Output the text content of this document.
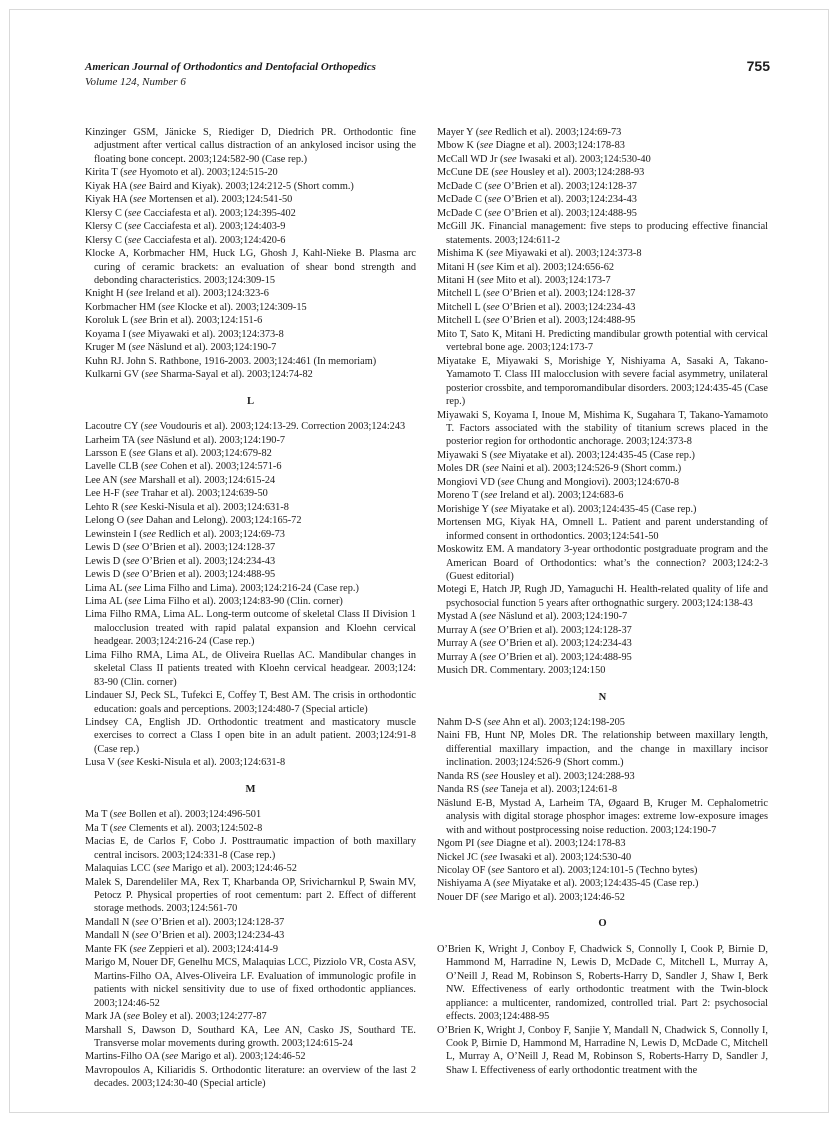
American Journal of Orthodontics and Dentofacial Orthopedics
Volume 124, Number 6
755
Kinzinger GSM, Jänicke S, Riediger D, Diedrich PR. Orthodontic fine adjustment after vertical callus distraction of an ankylosed incisor using the floating bone concept. 2003;124:582-90 (Case rep.)
Kirita T (see Hyomoto et al). 2003;124:515-20
Kiyak HA (see Baird and Kiyak). 2003;124:212-5 (Short comm.)
Kiyak HA (see Mortensen et al). 2003;124:541-50
Klersy C (see Cacciafesta et al). 2003;124:395-402
Klersy C (see Cacciafesta et al). 2003;124:403-9
Klersy C (see Cacciafesta et al). 2003;124:420-6
Klocke A, Korbmacher HM, Huck LG, Ghosh J, Kahl-Nieke B. Plasma arc curing of ceramic brackets: an evaluation of shear bond strength and debonding characteristics. 2003;124:309-15
Knight H (see Ireland et al). 2003;124:323-6
Korbmacher HM (see Klocke et al). 2003;124:309-15
Koroluk L (see Brin et al). 2003;124:151-6
Koyama I (see Miyawaki et al). 2003;124:373-8
Kruger M (see Näslund et al). 2003;124:190-7
Kuhn RJ. John S. Rathbone, 1916-2003. 2003;124:461 (In memoriam)
Kulkarni GV (see Sharma-Sayal et al). 2003;124:74-82
L
Lacoutre CY (see Voudouris et al). 2003;124:13-29. Correction 2003;124:243
Larheim TA (see Näslund et al). 2003;124:190-7
Larsson E (see Glans et al). 2003;124:679-82
Lavelle CLB (see Cohen et al). 2003;124:571-6
Lee AN (see Marshall et al). 2003;124:615-24
Lee H-F (see Trahar et al). 2003;124:639-50
Lehto R (see Keski-Nisula et al). 2003;124:631-8
Lelong O (see Dahan and Lelong). 2003;124:165-72
Lewinstein I (see Redlich et al). 2003;124:69-73
Lewis D (see O’Brien et al). 2003;124:128-37
Lewis D (see O’Brien et al). 2003;124:234-43
Lewis D (see O’Brien et al). 2003;124:488-95
Lima AL (see Lima Filho and Lima). 2003;124:216-24 (Case rep.)
Lima AL (see Lima Filho et al). 2003;124:83-90 (Clin. corner)
Lima Filho RMA, Lima AL. Long-term outcome of skeletal Class II Division 1 malocclusion treated with rapid palatal expansion and Kloehn cervical headgear. 2003;124:216-24 (Case rep.)
Lima Filho RMA, Lima AL, de Oliveira Ruellas AC. Mandibular changes in skeletal Class II patients treated with Kloehn cervical headgear. 2003;124: 83-90 (Clin. corner)
Lindauer SJ, Peck SL, Tufekci E, Coffey T, Best AM. The crisis in orthodontic education: goals and perceptions. 2003;124:480-7 (Special article)
Lindsey CA, English JD. Orthodontic treatment and masticatory muscle exercises to correct a Class I open bite in an adult patient. 2003;124:91-8 (Case rep.)
Lusa V (see Keski-Nisula et al). 2003;124:631-8
M
Ma T (see Bollen et al). 2003;124:496-501
Ma T (see Clements et al). 2003;124:502-8
Macias E, de Carlos F, Cobo J. Posttraumatic impaction of both maxillary central incisors. 2003;124:331-8 (Case rep.)
Malaquias LCC (see Marigo et al). 2003;124:46-52
Malek S, Darendeliler MA, Rex T, Kharbanda OP, Srivicharnkul P, Swain MV, Petocz P. Physical properties of root cementum: part 2. Effect of different storage methods. 2003;124:561-70
Mandall N (see O’Brien et al). 2003;124:128-37
Mandall N (see O’Brien et al). 2003;124:234-43
Mante FK (see Zeppieri et al). 2003;124:414-9
Marigo M, Nouer DF, Genelhu MCS, Malaquias LCC, Pizziolo VR, Costa ASV, Martins-Filho OA, Alves-Oliveira LF. Evaluation of immunologic profile in patients with nickel sensitivity due to use of fixed orthodontic appliances. 2003;124:46-52
Mark JA (see Boley et al). 2003;124:277-87
Marshall S, Dawson D, Southard KA, Lee AN, Casko JS, Southard TE. Transverse molar movements during growth. 2003;124:615-24
Martins-Filho OA (see Marigo et al). 2003;124:46-52
Mavropoulos A, Kiliaridis S. Orthodontic literature: an overview of the last 2 decades. 2003;124:30-40 (Special article)
Mayer Y (see Redlich et al). 2003;124:69-73
Mbow K (see Diagne et al). 2003;124:178-83
McCall WD Jr (see Iwasaki et al). 2003;124:530-40
McCune DE (see Housley et al). 2003;124:288-93
McDade C (see O’Brien et al). 2003;124:128-37
McDade C (see O’Brien et al). 2003;124:234-43
McDade C (see O’Brien et al). 2003;124:488-95
McGill JK. Financial management: five steps to producing effective financial statements. 2003;124:611-2
Mishima K (see Miyawaki et al). 2003;124:373-8
Mitani H (see Kim et al). 2003;124:656-62
Mitani H (see Mito et al). 2003;124:173-7
Mitchell L (see O’Brien et al). 2003;124:128-37
Mitchell L (see O’Brien et al). 2003;124:234-43
Mitchell L (see O’Brien et al). 2003;124:488-95
Mito T, Sato K, Mitani H. Predicting mandibular growth potential with cervical vertebral bone age. 2003;124:173-7
Miyatake E, Miyawaki S, Morishige Y, Nishiyama A, Sasaki A, Takano-Yamamoto T. Class III malocclusion with severe facial asymmetry, unilateral posterior crossbite, and temporomandibular disorders. 2003;124:435-45 (Case rep.)
Miyawaki S, Koyama I, Inoue M, Mishima K, Sugahara T, Takano-Yamamoto T. Factors associated with the stability of titanium screws placed in the posterior region for orthodontic anchorage. 2003;124:373-8
Miyawaki S (see Miyatake et al). 2003;124:435-45 (Case rep.)
Moles DR (see Naini et al). 2003;124:526-9 (Short comm.)
Mongiovi VD (see Chung and Mongiovi). 2003;124:670-8
Moreno T (see Ireland et al). 2003;124:683-6
Morishige Y (see Miyatake et al). 2003;124:435-45 (Case rep.)
Mortensen MG, Kiyak HA, Omnell L. Patient and parent understanding of informed consent in orthodontics. 2003;124:541-50
Moskowitz EM. A mandatory 3-year orthodontic postgraduate program and the American Board of Orthodontics: what’s the connection? 2003;124:2-3 (Guest editorial)
Motegi E, Hatch JP, Rugh JD, Yamaguchi H. Health-related quality of life and psychosocial function 5 years after orthognathic surgery. 2003;124:138-43
Mystad A (see Näslund et al). 2003;124:190-7
Murray A (see O’Brien et al). 2003;124:128-37
Murray A (see O’Brien et al). 2003;124:234-43
Murray A (see O’Brien et al). 2003;124:488-95
Musich DR. Commentary. 2003;124:150
N
Nahm D-S (see Ahn et al). 2003;124:198-205
Naini FB, Hunt NP, Moles DR. The relationship between maxillary length, differential maxillary impaction, and the change in maxillary incisor inclination. 2003;124:526-9 (Short comm.)
Nanda RS (see Housley et al). 2003;124:288-93
Nanda RS (see Taneja et al). 2003;124:61-8
Näslund E-B, Mystad A, Larheim TA, Øgaard B, Kruger M. Cephalometric analysis with digital storage phosphor images: extreme low-exposure images with and without postprocessing noise reduction. 2003;124:190-7
Ngom PI (see Diagne et al). 2003;124:178-83
Nickel JC (see Iwasaki et al). 2003;124:530-40
Nicolay OF (see Santoro et al). 2003;124:101-5 (Techno bytes)
Nishiyama A (see Miyatake et al). 2003;124:435-45 (Case rep.)
Nouer DF (see Marigo et al). 2003;124:46-52
O
O’Brien K, Wright J, Conboy F, Chadwick S, Connolly I, Cook P, Birnie D, Hammond M, Harradine N, Lewis D, McDade C, Mitchell L, Murray A, O’Neill J, Read M, Robinson S, Roberts-Harry D, Sandler J, Shaw I, Berk NW. Effectiveness of early orthodontic treatment with the Twin-block appliance: a multicenter, randomized, controlled trial. Part 2: psychosocial effects. 2003;124:488-95
O’Brien K, Wright J, Conboy F, Sanjie Y, Mandall N, Chadwick S, Connolly I, Cook P, Birnie D, Hammond M, Harradine N, Lewis D, McDade C, Mitchell L, Murray A, O’Neill J, Read M, Robinson S, Roberts-Harry D, Sandler J, Shaw I. Effectiveness of early orthodontic treatment with the
